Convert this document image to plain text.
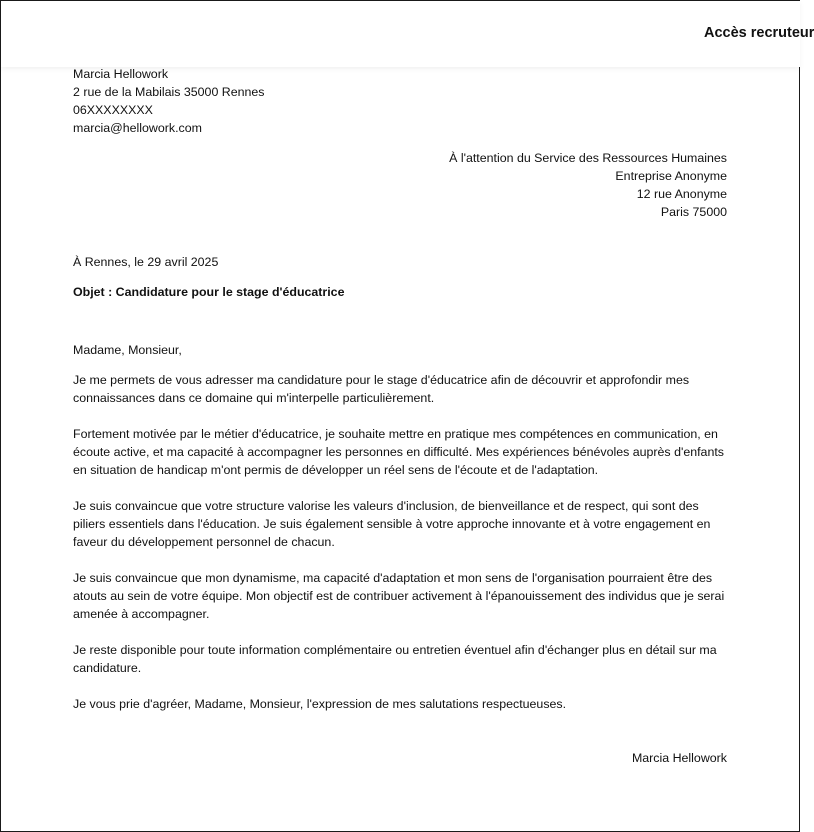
Accès recruteur
Marcia Hellowork
2 rue de la Mabilais 35000 Rennes
06XXXXXXXX
marcia@hellowork.com
À l'attention du Service des Ressources Humaines
Entreprise Anonyme
12 rue Anonyme
Paris 75000
À Rennes, le 29 avril 2025
Objet : Candidature pour le stage d'éducatrice
Madame, Monsieur,

Je me permets de vous adresser ma candidature pour le stage d'éducatrice afin de découvrir et approfondir mes connaissances dans ce domaine qui m'interpelle particulièrement.

Fortement motivée par le métier d'éducatrice, je souhaite mettre en pratique mes compétences en communication, en écoute active, et ma capacité à accompagner les personnes en difficulté. Mes expériences bénévoles auprès d'enfants en situation de handicap m'ont permis de développer un réel sens de l'écoute et de l'adaptation.

Je suis convaincue que votre structure valorise les valeurs d'inclusion, de bienveillance et de respect, qui sont des piliers essentiels dans l'éducation. Je suis également sensible à votre approche innovante et à votre engagement en faveur du développement personnel de chacun.

Je suis convaincue que mon dynamisme, ma capacité d'adaptation et mon sens de l'organisation pourraient être des atouts au sein de votre équipe. Mon objectif est de contribuer activement à l'épanouissement des individus que je serai amenée à accompagner.

Je reste disponible pour toute information complémentaire ou entretien éventuel afin d'échanger plus en détail sur ma candidature.

Je vous prie d'agréer, Madame, Monsieur, l'expression de mes salutations respectueuses.

Marcia Hellowork
